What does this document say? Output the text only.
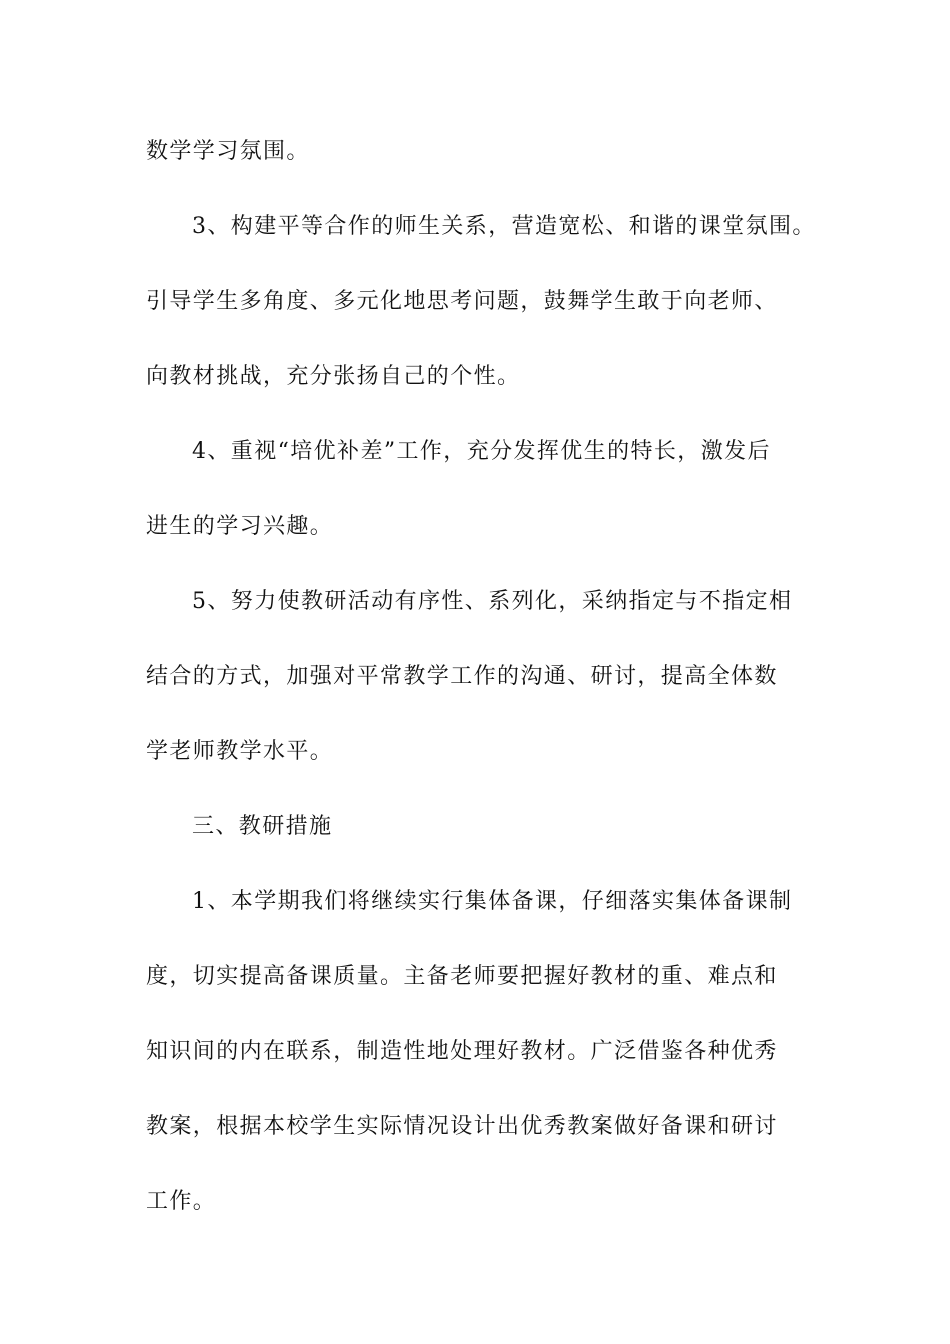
数学学习氛围。
3、构建平等合作的师生关系，营造宽松、和谐的课堂氛围。
引导学生多角度、多元化地思考问题，鼓舞学生敢于向老师、
向教材挑战，充分张扬自己的个性。
4、重视“培优补差”工作，充分发挥优生的特长，激发后
进生的学习兴趣。
5、努力使教研活动有序性、系列化，采纳指定与不指定相
结合的方式，加强对平常教学工作的沟通、研讨，提高全体数
学老师教学水平。
三、教研措施
1、本学期我们将继续实行集体备课，仔细落实集体备课制
度，切实提高备课质量。主备老师要把握好教材的重、难点和
知识间的内在联系，制造性地处理好教材。广泛借鉴各种优秀
教案，根据本校学生实际情况设计出优秀教案做好备课和研讨
工作。
